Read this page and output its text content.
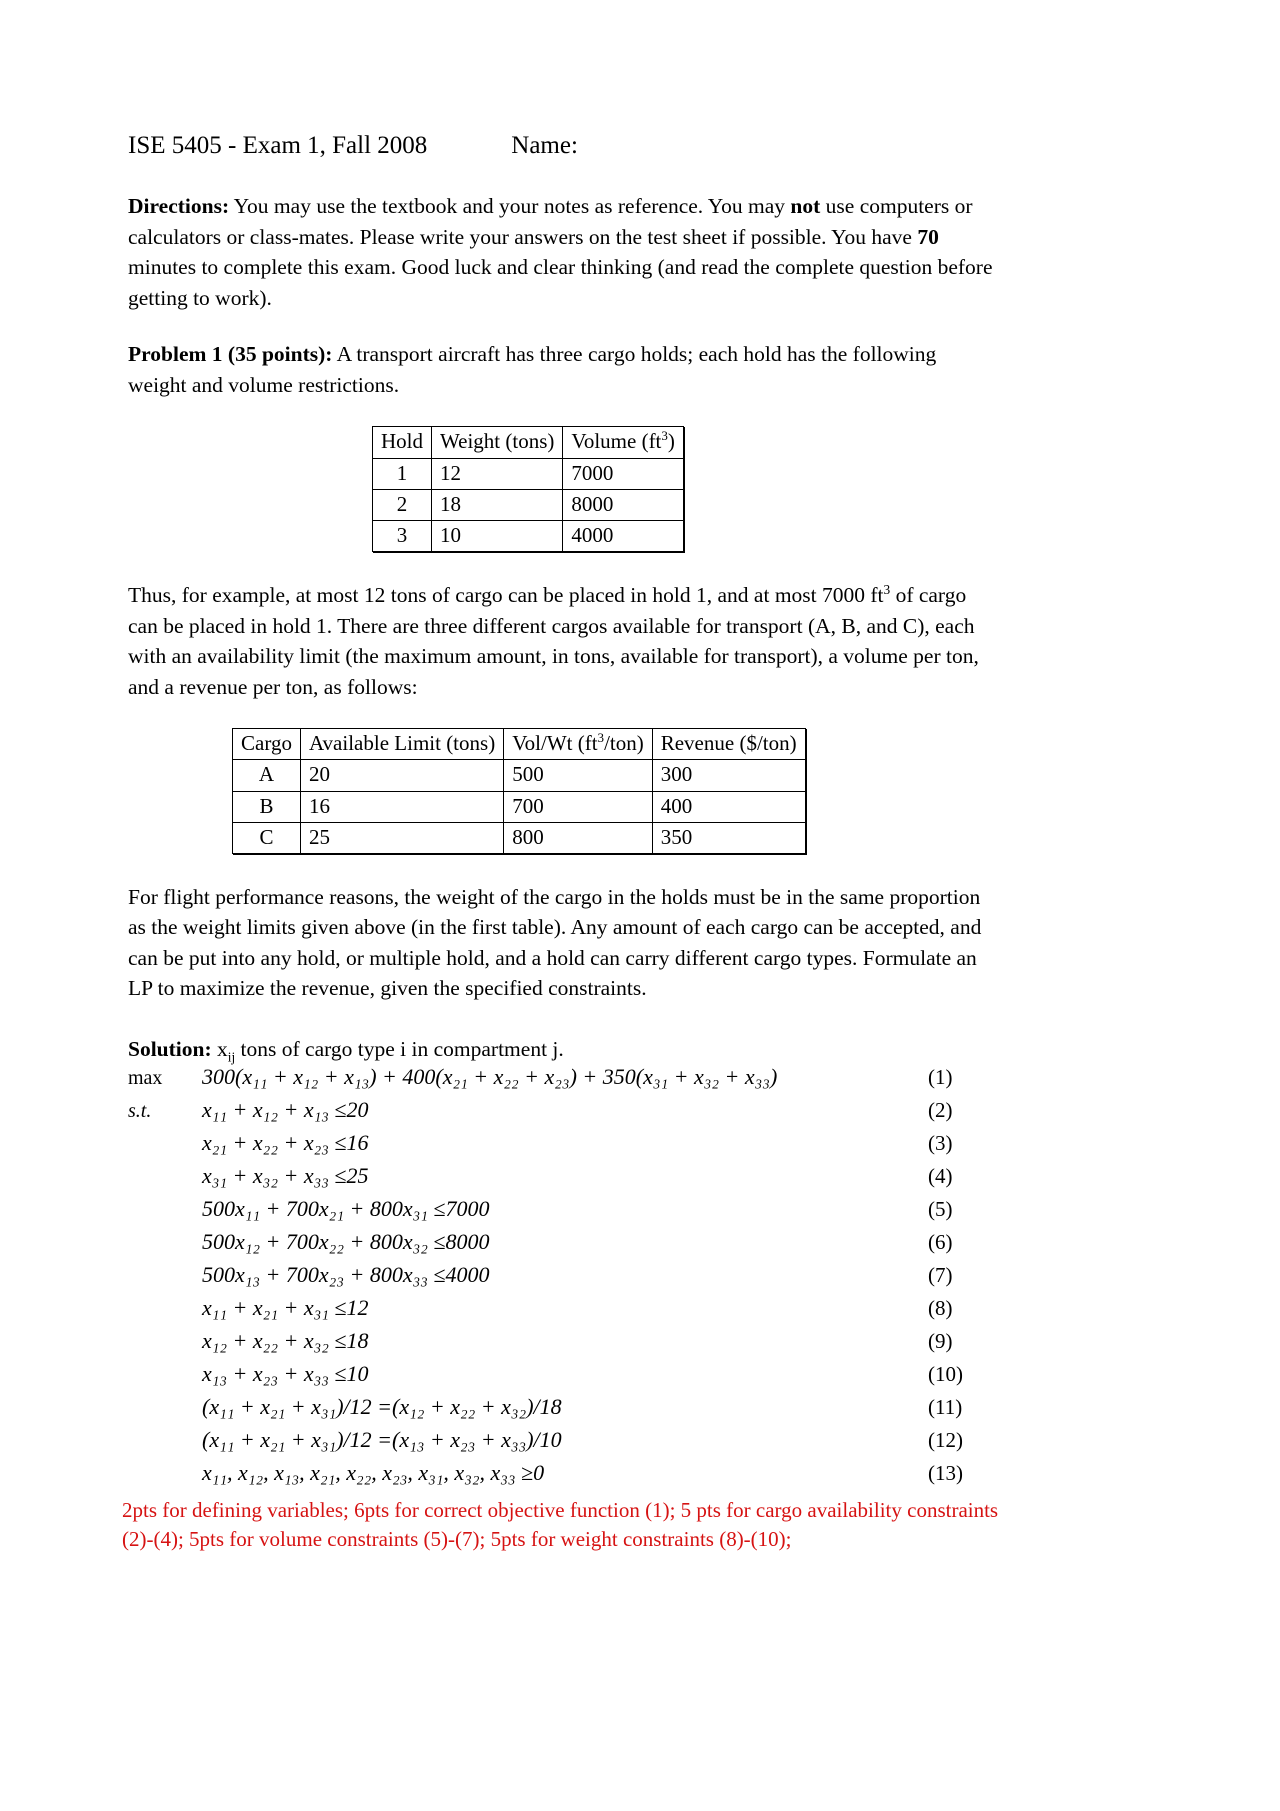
ISE 5405 - Exam 1, Fall 2008	Name:

Directions: You may use the textbook and your notes as reference. You may not use computers or calculators or class-mates. Please write your answers on the test sheet if possible. You have 70 minutes to complete this exam. Good luck and clear thinking (and read the complete question before getting to work).

Problem 1 (35 points): A transport aircraft has three cargo holds; each hold has the following weight and volume restrictions.

Hold	Weight (tons)	Volume $(ft^3)$
1	12	7000
2	18	8000
3	10	4000

Thus, for example, at most 12 tons of cargo can be placed in hold 1, and at most 7000 $ft^3$ of cargo can be placed in hold 1. There are three different cargos available for transport (A, B, and C), each with an availability limit (the maximum amount, in tons, available for transport), a volume per ton, and a revenue per ton, as follows:

Cargo	Available Limit (tons)	Vol/Wt $(ft^3/ton)$	Revenue ($/ton)
A	20	500	300
B	16	700	400
C	25	800	350

For flight performance reasons, the weight of the cargo in the holds must be in the same proportion as the weight limits given above (in the first table). Any amount of each cargo can be accepted, and can be put into any hold, or multiple hold, and a hold can carry different cargo types. Formulate an LP to maximize the revenue, given the specified constraints.

Solution: $x_{ij}$ tons of cargo type i in compartment j.
max	300(x₁₁ + x₁₂ + x₁₃) + 400(x₂₁ + x₂₂ + x₂₃) + 350(x₃₁ + x₃₂ + x₃₃)	(1)
s.t.	x₁₁ + x₁₂ + x₁₃ ≤20	(2)
x₂₁ + x₂₂ + x₂₃ ≤16	(3)
x₃₁ + x₃₂ + x₃₃ ≤25	(4)
500x₁₁ + 700x₂₁ + 800x₃₁ ≤7000	(5)
500x₁₂ + 700x₂₂ + 800x₃₂ ≤8000	(6)
500x₁₃ + 700x₂₃ + 800x₃₃ ≤4000	(7)
x₁₁ + x₂₁ + x₃₁ ≤12	(8)
x₁₂ + x₂₂ + x₃₂ ≤18	(9)
x₁₃ + x₂₃ + x₃₃ ≤10	(10)
(x₁₁ + x₂₁ + x₃₁)/12 =(x₁₂ + x₂₂ + x₃₂)/18	(11)
(x₁₁ + x₂₁ + x₃₁)/12 =(x₁₃ + x₂₃ + x₃₃)/10	(12)
x₁₁, x₁₂, x₁₃, x₂₁, x₂₂, x₂₃, x₃₁, x₃₂, x₃₃ ≥0	(13)
2pts for defining variables; 6pts for correct objective function (1); 5 pts for cargo availability constraints (2)-(4); 5pts for volume constraints (5)-(7); 5pts for weight constraints (8)-(10);
